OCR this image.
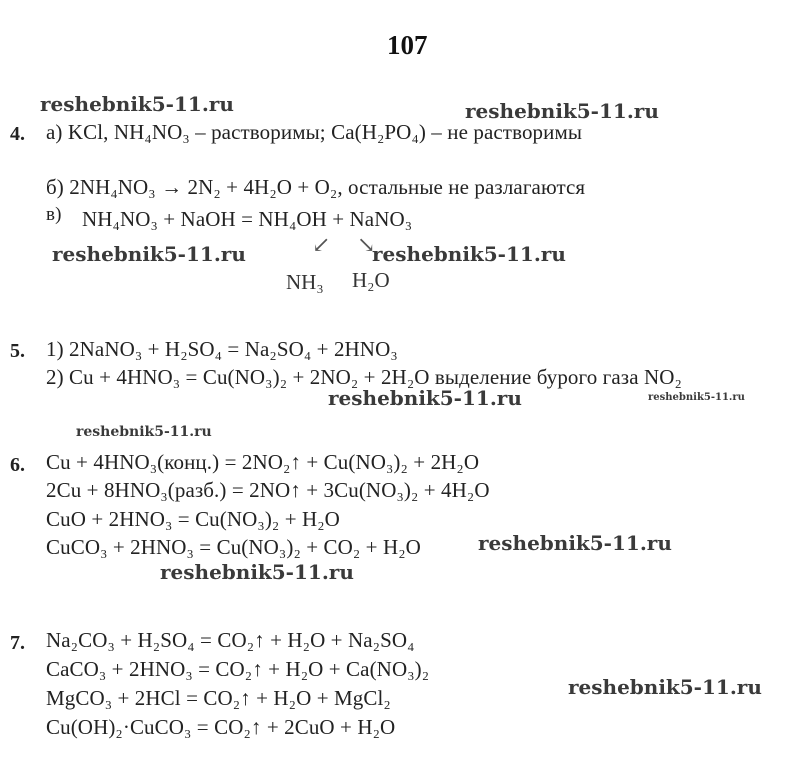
107
reshebnik5-11.ru	reshebnik5-11.ru
reshebnik5-11.ru	reshebnik5-11.ru
reshebnik5-11.ru	reshebnik5-11.ru
reshebnik5-11.ru
reshebnik5-11.ru
reshebnik5-11.ru
reshebnik5-11.ru
4. а) KCl, NH₄NO₃ – растворимы; Ca(H₂PO₄) – не растворимы
б) 2NH₄NO₃ → 2N₂ + 4H₂O + O₂, остальные не разлагаются
в) NH₄NO₃ + NaOH = NH₄OH + NaNO₃
↙ ↘
NH₃ H₂O
5. 1) 2NaNO₃ + H₂SO₄ = Na₂SO₄ + 2HNO₃
2) Cu + 4HNO₃ = Cu(NO₃)₂ + 2NO₂ + 2H₂O выделение бурого газа NO₂
6. Cu + 4HNO₃(конц.) = 2NO₂↑ + Cu(NO₃)₂ + 2H₂O
2Cu + 8HNO₃(разб.) = 2NO↑ + 3Cu(NO₃)₂ + 4H₂O
CuO + 2HNO₃ = Cu(NO₃)₂ + H₂O
CuCO₃ + 2HNO₃ = Cu(NO₃)₂ + CO₂ + H₂O
7. Na₂CO₃ + H₂SO₄ = CO₂↑ + H₂O + Na₂SO₄
CaCO₃ + 2HNO₃ = CO₂↑ + H₂O + Ca(NO₃)₂
MgCO₃ + 2HCl = CO₂↑ + H₂O + MgCl₂
Cu(OH)₂·CuCO₃ = CO₂↑ + 2CuO + H₂O
